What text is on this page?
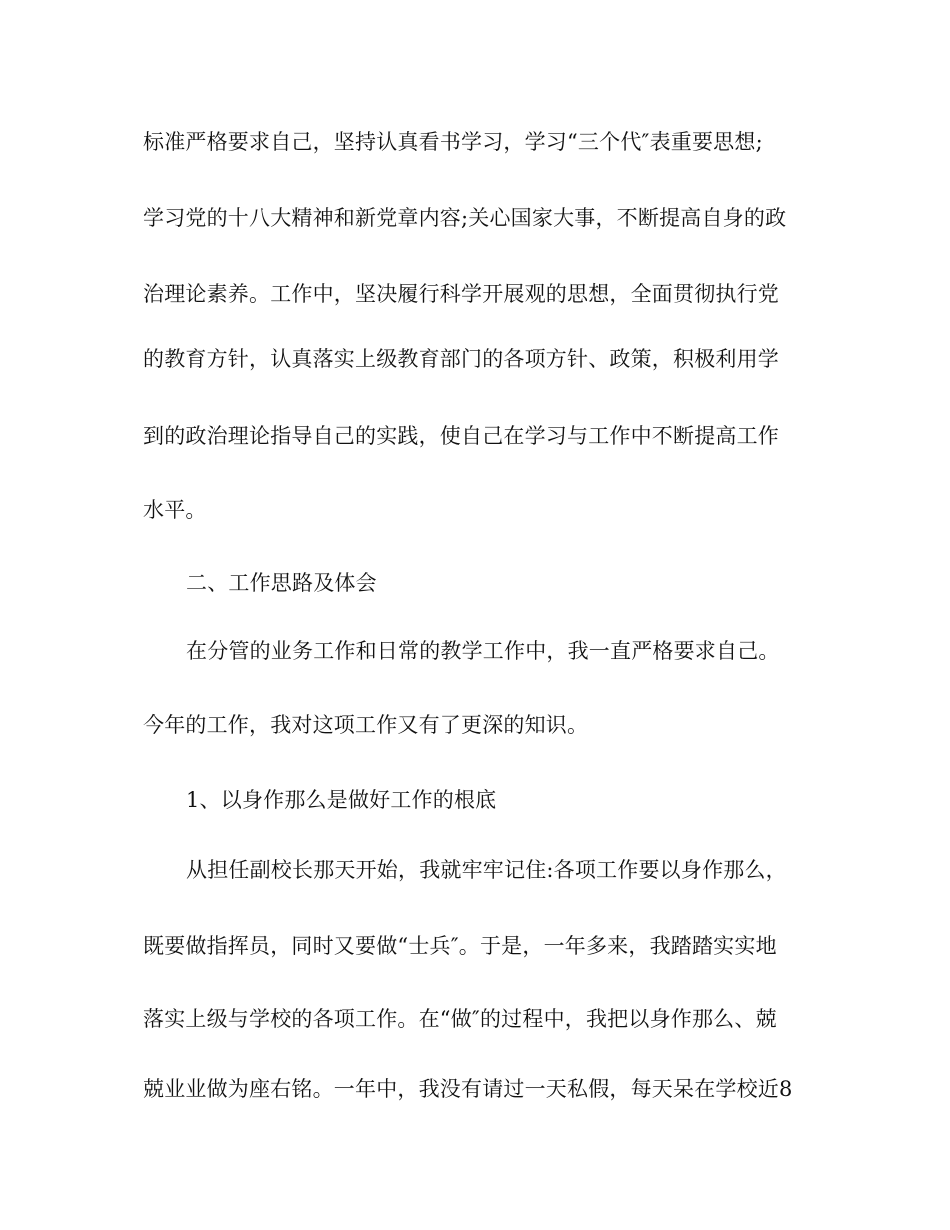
标准严格要求自己，坚持认真看书学习，学习“三个代″表重要思想;
学习党的十八大精神和新党章内容;关心国家大事，不断提高自身的政
治理论素养。工作中，坚决履行科学开展观的思想，全面贯彻执行党
的教育方针，认真落实上级教育部门的各项方针、政策，积极利用学
到的政治理论指导自己的实践，使自己在学习与工作中不断提高工作
水平。
二、工作思路及体会
在分管的业务工作和日常的教学工作中，我一直严格要求自己。
今年的工作，我对这项工作又有了更深的知识。
1、以身作那么是做好工作的根底
从担任副校长那天开始，我就牢牢记住:各项工作要以身作那么，
既要做指挥员，同时又要做“士兵″。于是，一年多来，我踏踏实实地
落实上级与学校的各项工作。在“做″的过程中，我把以身作那么、兢
兢业业做为座右铭。一年中，我没有请过一天私假，每天呆在学校近8
